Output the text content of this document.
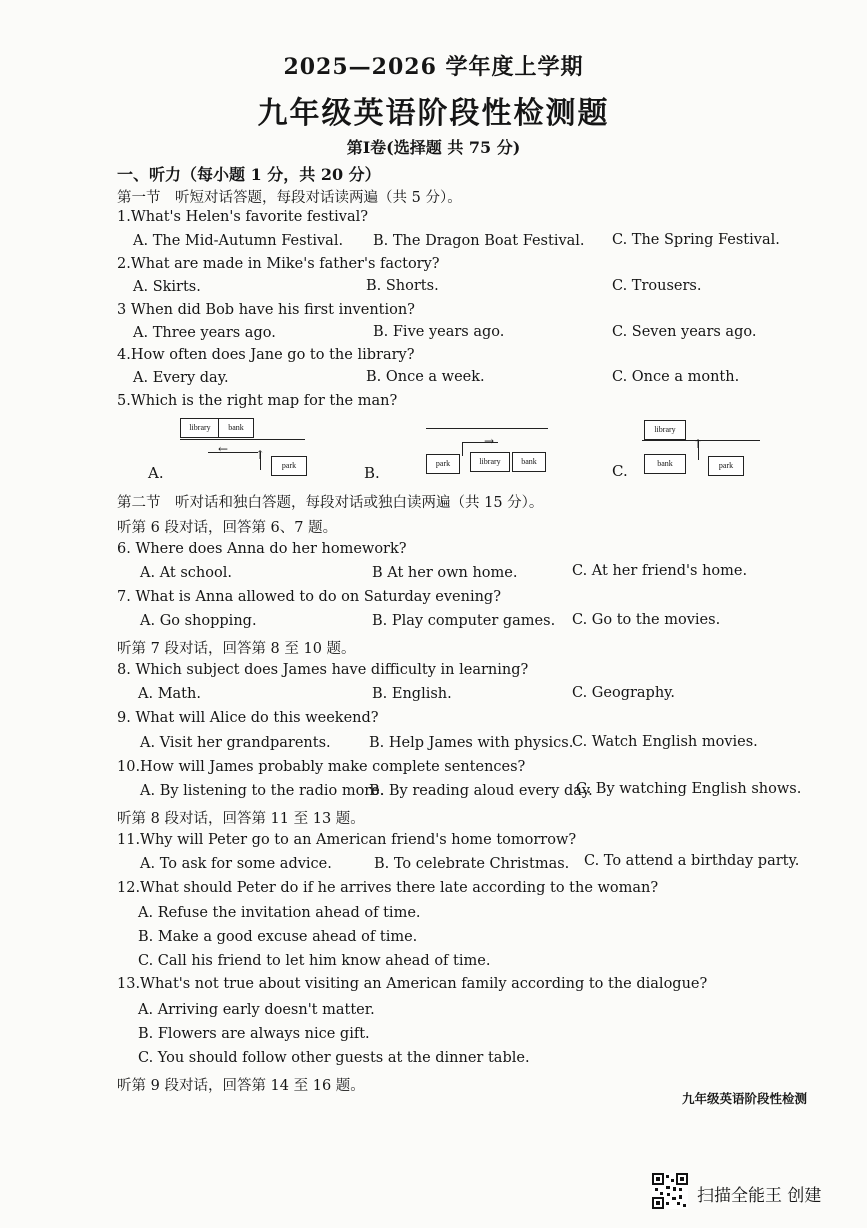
2025—2026 学年度上学期
九年级英语阶段性检测题
第Ⅰ卷(选择题 共 75 分)
一、听力（每小题 1 分，共 20 分）
第一节　听短对话答题，每段对话读两遍（共 5 分）。
1.What's Helen's favorite festival?
A. The Mid-Autumn Festival. B. The Dragon Boat Festival. C. The Spring Festival.
2.What are made in Mike's father's factory?
A. Skirts.	B. Shorts.	C. Trousers.
3 When did Bob have his first invention?
A. Three years ago.	B. Five years ago.	C. Seven years ago.
4.How often does Jane go to the library?
A. Every day.	B. Once a week.	C. Once a month.
5.Which is the right map for the man?
A.
library	bank
← ↑
park	B.
→
park	library	bank
C.
library
↑
bank	park
第二节　听对话和独白答题，每段对话或独白读两遍（共 15 分）。
听第 6 段对话，回答第 6、7 题。
6. Where does Anna do her homework?
A. At school.	B At her own home.	C. At her friend's home.
7. What is Anna allowed to do on Saturday evening?
A. Go shopping.	B. Play computer games. C. Go to the movies.
听第 7 段对话，回答第 8 至 10 题。
8. Which subject does James have difficulty in learning?
A. Math.	B. English.	C. Geography.
9. What will Alice do this weekend?
A. Visit her grandparents.	B. Help James with physics.
C. Watch English movies.
10.How will James probably make complete sentences?
A. By listening to the radio more.
B. By reading aloud every day.
C. By watching English shows.
听第 8 段对话，回答第 11 至 13 题。
11.Why will Peter go to an American friend's home tomorrow?
A. To ask for some advice.	B. To celebrate Christmas. C. To attend a birthday party.
12.What should Peter do if he arrives there late according to the woman?
A. Refuse the invitation ahead of time.
B. Make a good excuse ahead of time.
C. Call his friend to let him know ahead of time.
13.What's not true about visiting an American family according to the dialogue?
A. Arriving early doesn't matter.
B. Flowers are always nice gift.
C. You should follow other guests at the dinner table.
听第 9 段对话，回答第 14 至 16 题。
九年级英语阶段性检测
扫描全能王 创建
